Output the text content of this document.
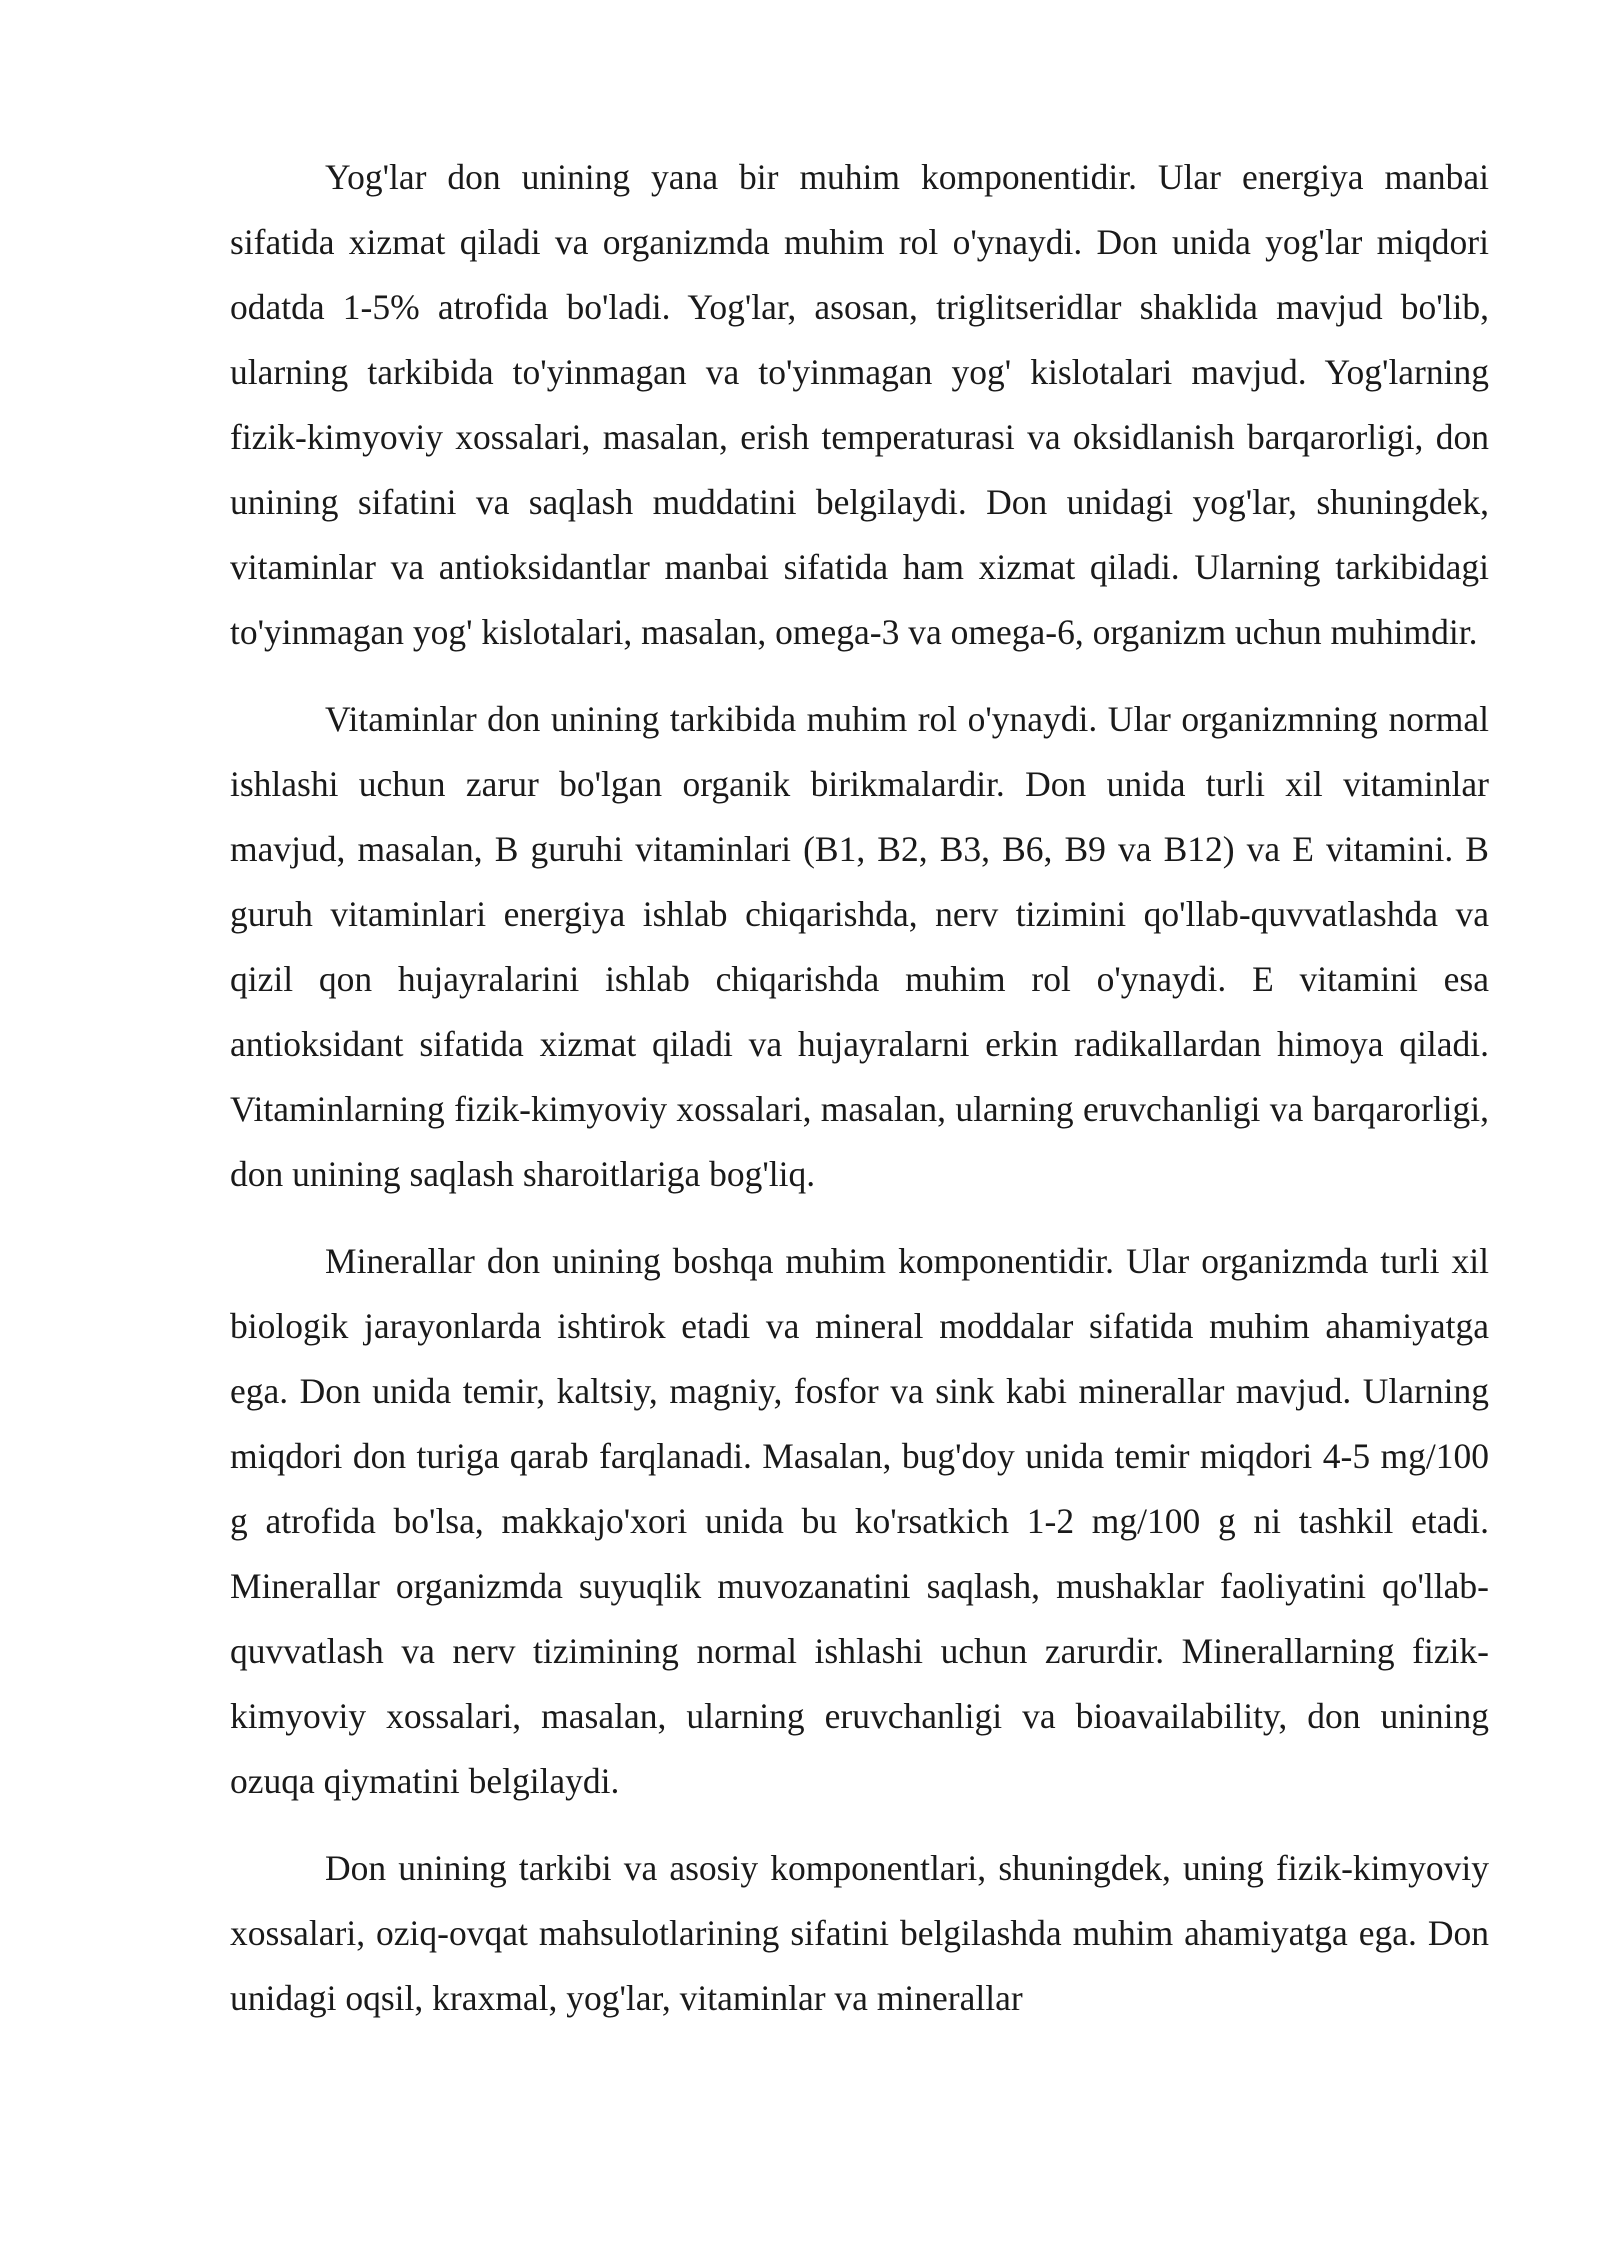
Yog'lar don unining yana bir muhim komponentidir. Ular energiya manbai sifatida xizmat qiladi va organizmda muhim rol o'ynaydi. Don unida yog'lar miqdori odatda 1-5% atrofida bo'ladi. Yog'lar, asosan, triglitseridlar shaklida mavjud bo'lib, ularning tarkibida to'yinmagan va to'yinmagan yog' kislotalari mavjud. Yog'larning fizik-kimyoviy xossalari, masalan, erish temperaturasi va oksidlanish barqarorligi, don unining sifatini va saqlash muddatini belgilaydi. Don unidagi yog'lar, shuningdek, vitaminlar va antioksidantlar manbai sifatida ham xizmat qiladi. Ularning tarkibidagi to'yinmagan yog' kislotalari, masalan, omega-3 va omega-6, organizm uchun muhimdir.

Vitaminlar don unining tarkibida muhim rol o'ynaydi. Ular organizmning normal ishlashi uchun zarur bo'lgan organik birikmalardir. Don unida turli xil vitaminlar mavjud, masalan, B guruhi vitaminlari (B1, B2, B3, B6, B9 va B12) va E vitamini. B guruh vitaminlari energiya ishlab chiqarishda, nerv tizimini qo'llab-quvvatlashda va qizil qon hujayralarini ishlab chiqarishda muhim rol o'ynaydi. E vitamini esa antioksidant sifatida xizmat qiladi va hujayralarni erkin radikallardan himoya qiladi. Vitaminlarning fizik-kimyoviy xossalari, masalan, ularning eruvchanligi va barqarorligi, don unining saqlash sharoitlariga bog'liq.

Minerallar don unining boshqa muhim komponentidir. Ular organizmda turli xil biologik jarayonlarda ishtirok etadi va mineral moddalar sifatida muhim ahamiyatga ega. Don unida temir, kaltsiy, magniy, fosfor va sink kabi minerallar mavjud. Ularning miqdori don turiga qarab farqlanadi. Masalan, bug'doy unida temir miqdori 4-5 mg/100 g atrofida bo'lsa, makkajo'xori unida bu ko'rsatkich 1-2 mg/100 g ni tashkil etadi. Minerallar organizmda suyuqlik muvozanatini saqlash, mushaklar faoliyatini qo'llab-quvvatlash va nerv tizimining normal ishlashi uchun zarurdir. Minerallarning fizik-kimyoviy xossalari, masalan, ularning eruvchanligi va bioavailability, don unining ozuqa qiymatini belgilaydi.

Don unining tarkibi va asosiy komponentlari, shuningdek, uning fizik-kimyoviy xossalari, oziq-ovqat mahsulotlarining sifatini belgilashda muhim ahamiyatga ega. Don unidagi oqsil, kraxmal, yog'lar, vitaminlar va minerallar
